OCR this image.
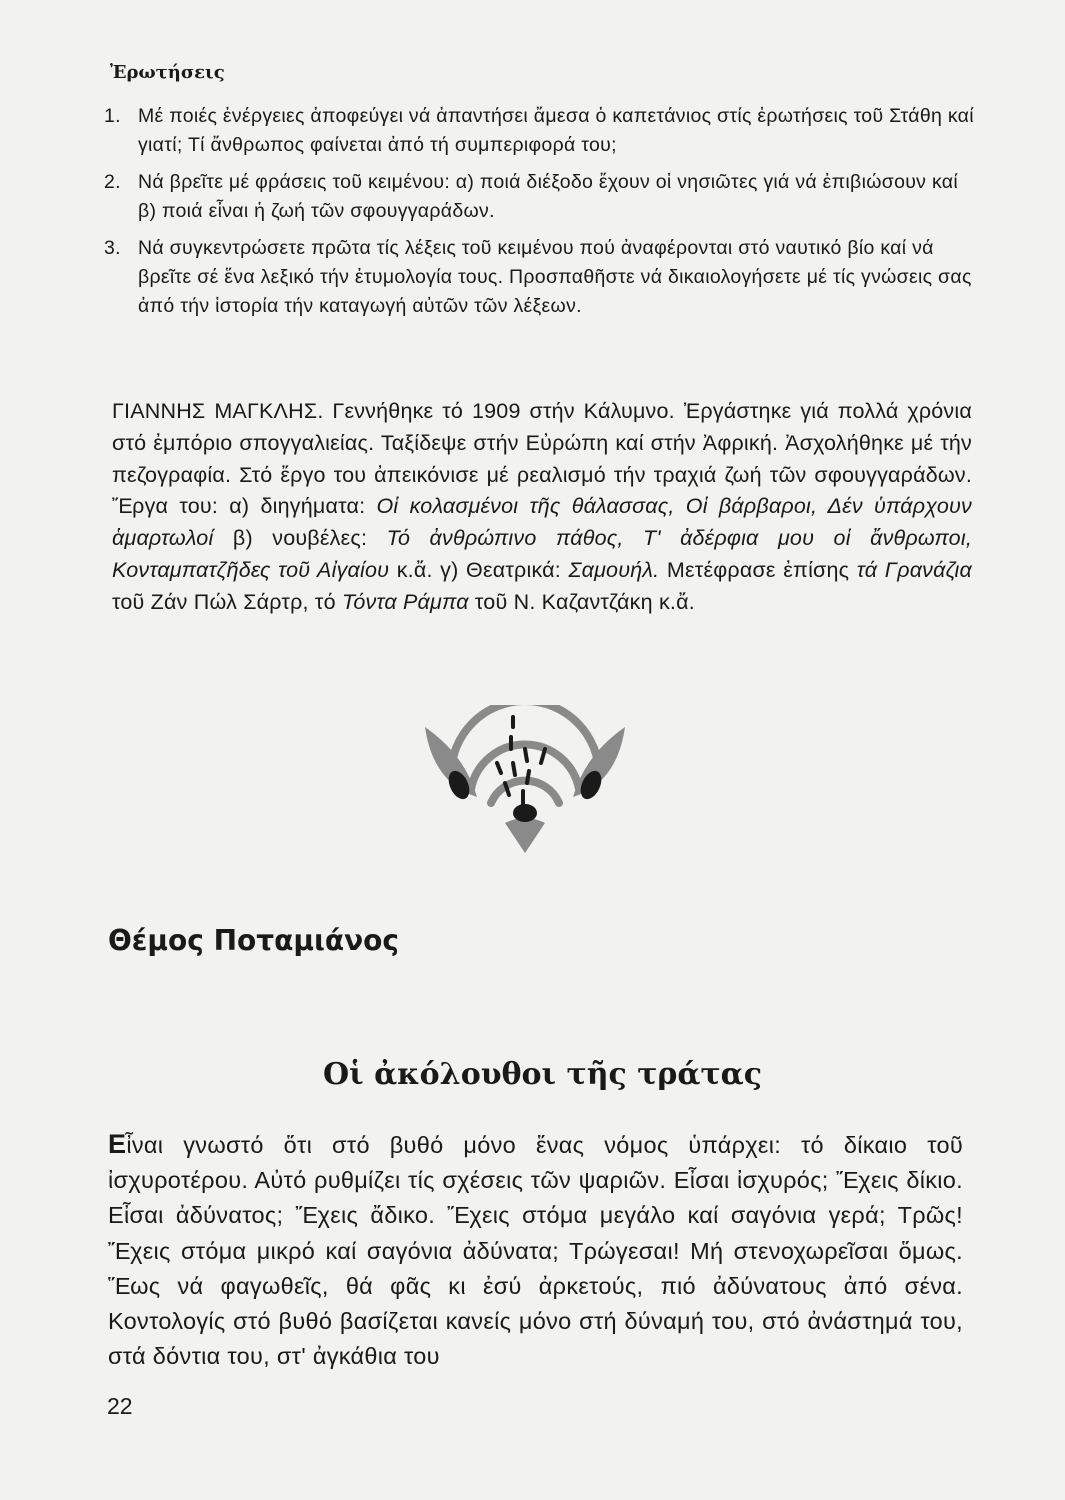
Ἐρωτήσεις
1. Μέ ποιές ἐνέργειες ἀποφεύγει νά ἀπαντήσει ἄμεσα ὁ καπετάνιος στίς ἐρωτήσεις τοῦ Στάθη καί γιατί; Τί ἄνθρωπος φαίνεται ἀπό τή συμπεριφορά του;
2. Νά βρεῖτε μέ φράσεις τοῦ κειμένου: α) ποιά διέξοδο ἔχουν οἱ νησιῶτες γιά νά ἐπιβιώσουν καί β) ποιά εἶναι ἡ ζωή τῶν σφουγγαράδων.
3. Νά συγκεντρώσετε πρῶτα τίς λέξεις τοῦ κειμένου πού ἀναφέρονται στό ναυτικό βίο καί νά βρεῖτε σέ ἕνα λεξικό τήν ἐτυμολογία τους. Προσπαθῆστε νά δικαιολογήσετε μέ τίς γνώσεις σας ἀπό τήν ἱστορία τήν καταγωγή αὐτῶν τῶν λέξεων.
ΓΙΑΝΝΗΣ ΜΑΓΚΛΗΣ. Γεννήθηκε τό 1909 στήν Κάλυμνο. Ἐργάστηκε γιά πολλά χρόνια στό ἐμπόριο σπογγαλιείας. Ταξίδεψε στήν Εὐρώπη καί στήν Ἀφρική. Ἀσχολήθηκε μέ τήν πεζογραφία. Στό ἔργο του ἀπεικόνισε μέ ρεαλισμό τήν τραχιά ζωή τῶν σφουγγαράδων. Ἔργα του: α) διηγήματα: Οἱ κολασμένοι τῆς θάλασσας, Οἱ βάρβαροι, Δέν ὑπάρχουν ἁμαρτωλοί β) νουβέλες: Τό ἀνθρώπινο πάθος, Τ' ἀδέρφια μου οἱ ἄνθρωποι, Κονταμπατζῆδες τοῦ Αἰγαίου κ.ἄ. γ) Θεατρικά: Σαμουήλ. Μετέφρασε ἐπίσης τά Γρανάζια τοῦ Ζάν Πώλ Σάρτρ, τό Τόντα Ράμπα τοῦ Ν. Καζαντζάκη κ.ἄ.
Θέμος Ποταμιάνος
Οἱ ἀκόλουθοι τῆς τράτας
Εἶναι γνωστό ὅτι στό βυθό μόνο ἕνας νόμος ὑπάρχει: τό δίκαιο τοῦ ἰσχυροτέρου. Αὐτό ρυθμίζει τίς σχέσεις τῶν ψαριῶν. Εἶσαι ἰσχυρός; Ἔχεις δίκιο. Εἶσαι ἀδύνατος; Ἔχεις ἄδικο. Ἔχεις στόμα μεγάλο καί σαγόνια γερά; Τρῶς! Ἔχεις στόμα μικρό καί σαγόνια ἀδύνατα; Τρώγεσαι! Μή στενοχωρεῖσαι ὅμως. Ἕως νά φαγωθεῖς, θά φᾶς κι ἐσύ ἀρκετούς, πιό ἀδύνατους ἀπό σένα. Κοντολογίς στό βυθό βασίζεται κανείς μόνο στή δύναμή του, στό ἀνάστημά του, στά δόντια του, στ' ἀγκάθια του
22
